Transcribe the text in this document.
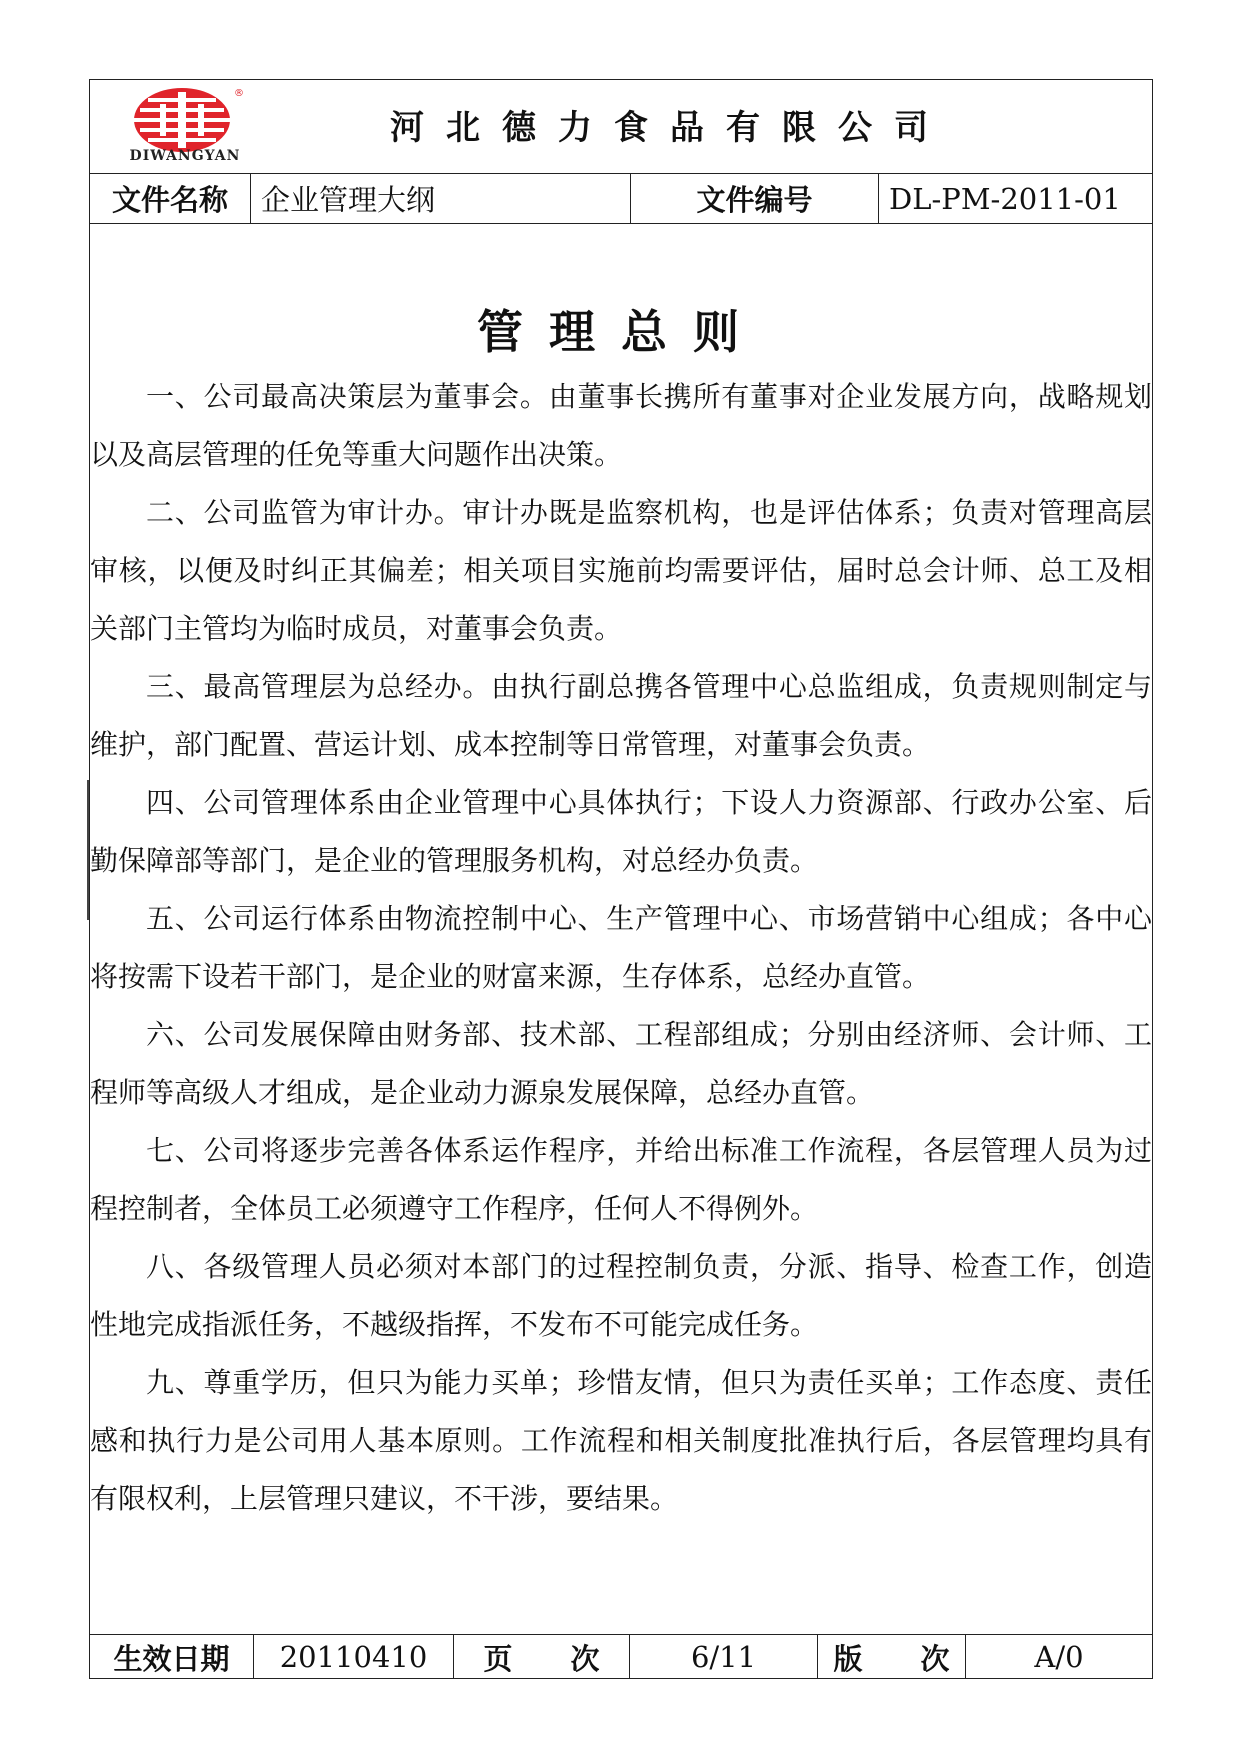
®
DIWANGYAN
河北德力食品有限公司
文件名称	企业管理大纲	文件编号	DL-PM-2011-01
管理总则

一、公司最高决策层为董事会。由董事长携所有董事对企业发展方向，战略规划以及高层管理的任免等重大问题作出决策。

二、公司监管为审计办。审计办既是监察机构，也是评估体系；负责对管理高层审核，以便及时纠正其偏差；相关项目实施前均需要评估，届时总会计师、总工及相关部门主管均为临时成员，对董事会负责。

三、最高管理层为总经办。由执行副总携各管理中心总监组成，负责规则制定与维护，部门配置、营运计划、成本控制等日常管理，对董事会负责。

四、公司管理体系由企业管理中心具体执行；下设人力资源部、行政办公室、后勤保障部等部门，是企业的管理服务机构，对总经办负责。

五、公司运行体系由物流控制中心、生产管理中心、市场营销中心组成；各中心将按需下设若干部门，是企业的财富来源，生存体系，总经办直管。

六、公司发展保障由财务部、技术部、工程部组成；分别由经济师、会计师、工程师等高级人才组成，是企业动力源泉发展保障，总经办直管。

七、公司将逐步完善各体系运作程序，并给出标准工作流程，各层管理人员为过程控制者，全体员工必须遵守工作程序，任何人不得例外。

八、各级管理人员必须对本部门的过程控制负责，分派、指导、检查工作，创造性地完成指派任务，不越级指挥，不发布不可能完成任务。

九、尊重学历，但只为能力买单；珍惜友情，但只为责任买单；工作态度、责任感和执行力是公司用人基本原则。工作流程和相关制度批准执行后，各层管理均具有有限权利，上层管理只建议，不干涉，要结果。

生效日期	20110410	页　　次	6/11	版　　次	A/0
